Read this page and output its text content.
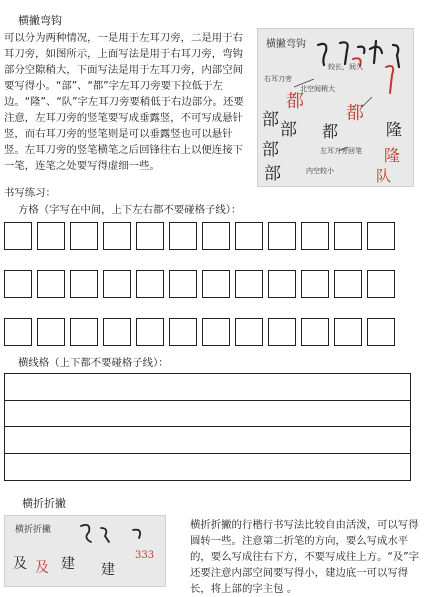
横撇弯钩
可以分为两种情况，一是用于左耳刀旁，二是用于右耳刀旁，如图所示，上面写法是用于右耳刀旁，弯钩部分空隙稍大，下面写法是用于左耳刀旁，内部空间要写得小。“部”、“都”字左耳刀旁要下拉低于左边。“隆”、“队”字左耳刀旁要稍低于右边部分。还要注意，左耳刀旁的竖笔要写成垂露竖，不可写成悬针竖，而右耳刀旁的竖笔则是可以垂露竖也可以悬针竖。左耳刀旁的竖笔横笔之后回锋往右上以便连接下一笔，连笔之处要写得虚细一些。
横撇弯钩
右耳刀旁
北空间稍大
较长，间久
左耳刀旁回笔
内空较小
都
部 部
部
部
都
都	隆
隆
队
书写练习：
方格（字写在中间，上下左右都不要碰格子线）：
横线格（上下都不要碰格子线）：
横折折撇
横折折撇
及 及 建 建
333
横折折撇的行楷行书写法比较自由活泼，可以写得圆转一些。注意第二折笔的方向，要么写成水平的，要么写成往右下方，不要写成往上方。“及”字还要注意内部空间要写得小，建边底一可以写得长，将上部的字主包 。
